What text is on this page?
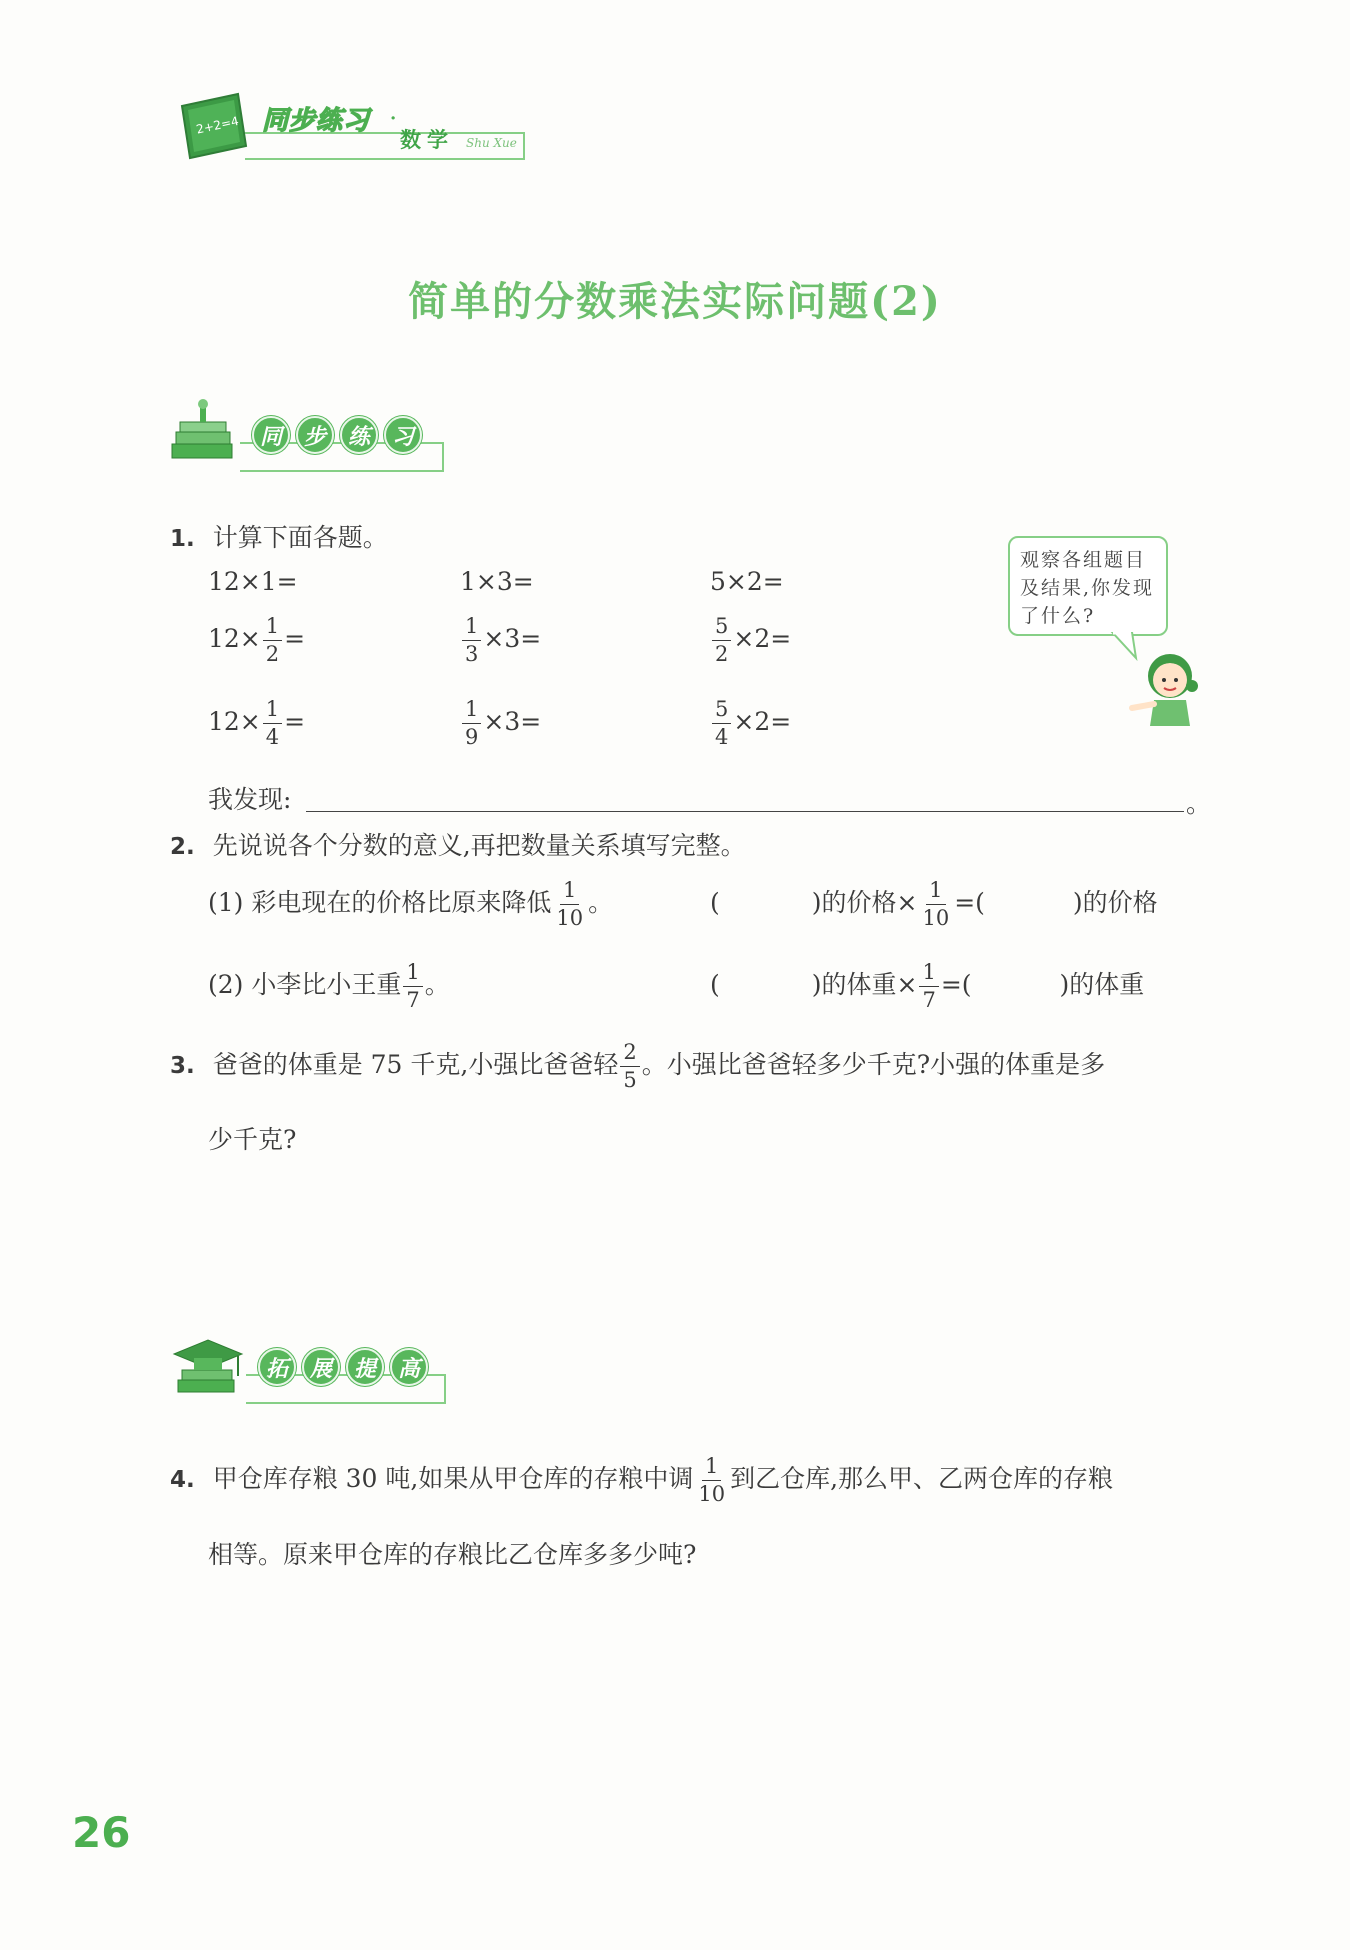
2+2=4 同步练习 ·
数学 Shu Xue
简单的分数乘法实际问题(2)
同 步 练 习
1. 计算下面各题。
12×1=	1×3=	5×2=
$12\times \frac{1}{2}$ =	$\frac{1}{3} \times 3=$	$\frac{5}{2} \times 2=$
$12\times \frac{1}{4}$ =	$\frac{1}{9} \times 3=$	$\frac{5}{4} \times 2=$
我发现:	。
观察各组题目及结果,你发现了什么?
2. 先说说各个分数的意义,再把数量关系填写完整。
(1) 彩电现在的价格比原来降低 $\frac{1}{10}$ 。	(	)的价格× $\frac{1}{10}$ =(	)的价格
(2) 小李比小王重 $\frac{1}{7}$ 。	(	)的体重× $\frac{1}{7}$ =(	)的体重
3. 爸爸的体重是 75 千克,小强比爸爸轻 $\frac{2}{5}$ 。小强比爸爸轻多少千克?小强的体重是多
少千克?
拓 展 提 高
4. 甲仓库存粮 30 吨,如果从甲仓库的存粮中调 $\frac{1}{10}$ 到乙仓库,那么甲、乙两仓库的存粮
相等。原来甲仓库的存粮比乙仓库多多少吨?
26
